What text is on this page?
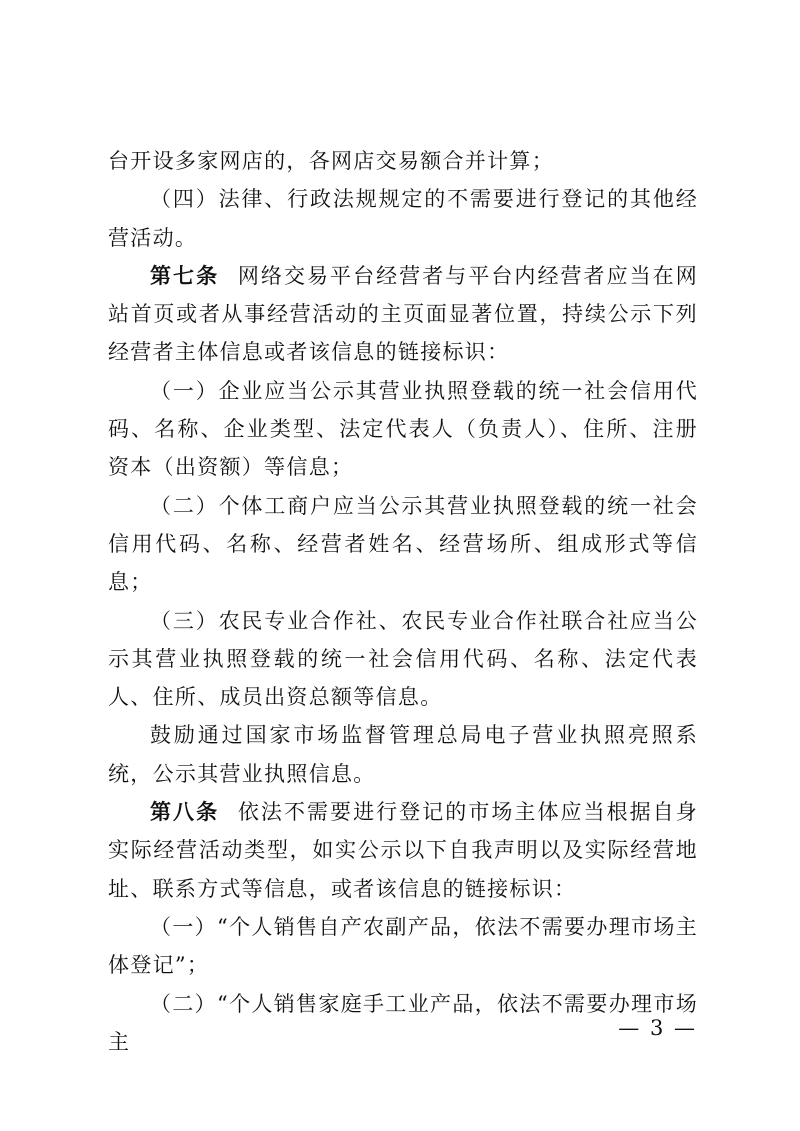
台开设多家网店的，各网店交易额合并计算；

（四）法律、行政法规规定的不需要进行登记的其他经营活动。

第七条 网络交易平台经营者与平台内经营者应当在网站首页或者从事经营活动的主页面显著位置，持续公示下列经营者主体信息或者该信息的链接标识：

（一）企业应当公示其营业执照登载的统一社会信用代码、名称、企业类型、法定代表人（负责人）、住所、注册资本（出资额）等信息；

（二）个体工商户应当公示其营业执照登载的统一社会信用代码、名称、经营者姓名、经营场所、组成形式等信息；

（三）农民专业合作社、农民专业合作社联合社应当公示其营业执照登载的统一社会信用代码、名称、法定代表人、住所、成员出资总额等信息。

鼓励通过国家市场监督管理总局电子营业执照亮照系统，公示其营业执照信息。

第八条 依法不需要进行登记的市场主体应当根据自身实际经营活动类型，如实公示以下自我声明以及实际经营地址、联系方式等信息，或者该信息的链接标识：

（一）“个人销售自产农副产品，依法不需要办理市场主体登记”；

（二）“个人销售家庭手工业产品，依法不需要办理市场主

— 3 —
